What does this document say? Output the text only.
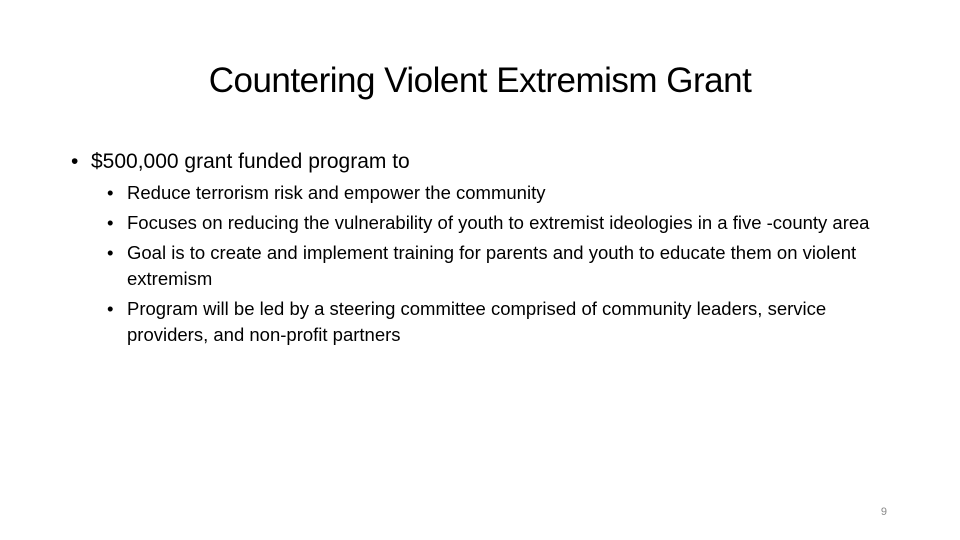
Countering Violent Extremism Grant
• $500,000 grant funded program to
• Reduce terrorism risk and empower the community
• Focuses on reducing the vulnerability of youth to extremist ideologies in a five -county area
• Goal is to create and implement training for parents and youth to educate them on violent extremism
• Program will be led by a steering committee comprised of community leaders, service providers, and non-profit partners
9
